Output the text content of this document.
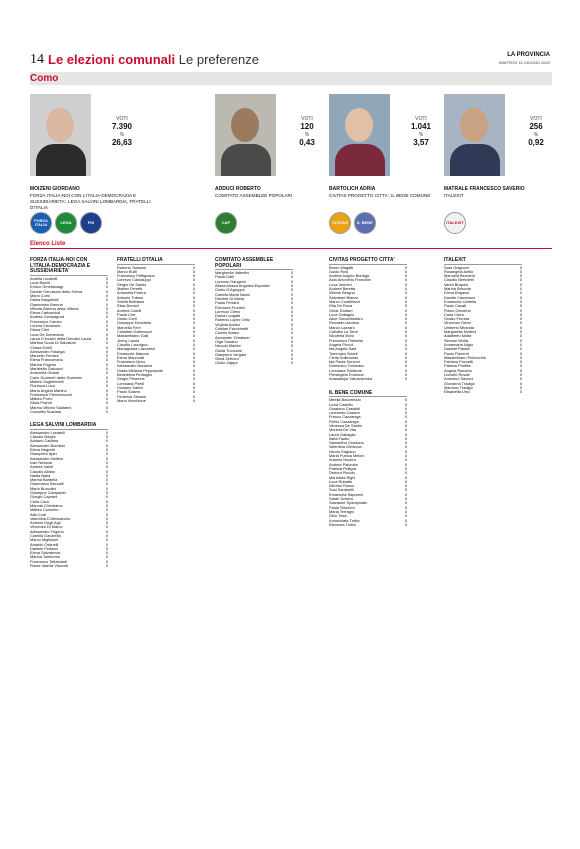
14 Le elezioni comunali Le preferenze	LA PROVINCIA
MARTEDÌ 14 GIUGNO 2022
Como
VOTI
7.390
%
26,63
MOIZENI GIORDANO
FORZA ITALIA-NOI CON L'ITALIA-DEMOCRAZIA E SUSSIDIARIETA', LEGA SALVINI LOMBARDIA, FRATELLI D'ITALIA
FORZA ITALIA	LEGA	FDI
VOTI
120
%
0,43
ADDUCI ROBERTO
COMITATO ASSEMBLEE POPOLARI
CAP
VOTI
1.041
%
3,57
BARTOLICH ADRIA
CIVITAS PROGETTO CITTA', IL BENE COMUNE
CIVITAS IL BENE
VOTI
256
%
0,92
MATRALE FRANCESCO SAVERIO
ITALEXIT
ITALEXIT
Elenco Liste
FORZA ITALIA-NOI CON L'ITALIA-DEMOCRAZIA E SUSSIDIARIETA'
Amelia Locatelli	0
Luca Biondi	0
Enrico Ornellamagr	0
Davide Gervasoni detto Gerva	0
Mario Corio	0
Diana Bargellotti	0
Giammario Brenna	0
Vittoria Brenna detta Vittoria	0
Elena Carbaccioli	0
Andrea Campagnoli	0
Francesco Caruso	0
Lorena Ceramore	0
Diana Cieri	0
Luca De Domenicis	0
Laura D'Incalci detta Dincalci Laura	0
Martina Scola Di Salvatore	0
Chiara Echili	0
Alessandro Falanga	0
Marcello Ferrara	0
Elena Francomano	0
Marina Frigerio	0
Maristella Galcozzi	0
Antonella Girardi	0
Carlo Guarneri detto Guarnieri	0
Matteo Guglielmetti	0
Fiorenza Luca	0
Maria Angela Martino	0
Francesco Piermarocchi	0
Matteo Porro	0
Silvia Prandi	0
Marino Vittorio Saldarini	0
Concetta Scarlata	0
LEGA SALVINI LOMBARDIA
Alessandro Locatelli	0
Claudio Borghi	0
Adriano Caldara	0
Alessandro Bondani	0
Elena Negretti	0
Giampiero Ajani	0
Alessandro Molteni	0
Ivan Neveda	0
Andrea Valeri	0
Claudio Alfano	0
Nadia Baba	0
Marina Bardella	0
Gianmarco Beccalli	0
Mario Buccolini	0
Giuseppe Campanini	0
Giorgio Caprani	0
Carla Cara	0
Manola Chimbamo	0
Matteo Colombo	0
Alfa Corti	0
Valentina D'Alessandro	0
Antonio Degli Agli	0
Vincenzo Di Marco	0
Alessandro Frigerio	0
Camilla Gavarella	0
Marco Miglionini	0
Arnaldo Ostinelli	0
Daniele Pedacci	0
Elena Salvatezza	0
Marina Tamborini	0
Francesco Tettamanti	0
Flavia Valeria Visconti	0
FRATELLI D'ITALIA
Roberto Tossone	0
Marco Butti	0
Francesco Pettignano	0
Lorenzo Cantaluppi	0
Sergio De Santis	0
Matteo Ferretti	0
Antonella Putera	0
Antonio Tufano	0
Sheila Beltrame	0
Elias Bordoli	0
Andrea Caielli	0
Paola Cerri	0
Guido Corti	0
Giuseppe Desotella	0
Marcella Ferri	0
Christian Galamucci	0
Massimiliano Galli	0
Jenny Lauria	0
Claudio Lavorgna	0
Mariagrazia Lazzaresi	0
Emanuele Marone	0
Elena Marzorati	0
Francesco Moro	0
Alessandro Nardone	0
Giada Melania Peppolante	0
Benedetta Pedraglio	0
Sergio Pesenne	0
Loredana Pirelli	0
Giuliano Salich	0
Paolo Sciarra	0
Federica Simone	0
Mario Vecchione	0
COMITATO ASSEMBLEE POPOLARI
Margherita Valentini	0
Paola Galli	0
Lorenzo Gangemi	0
Alissa Alessa Angelica Esposito	0
Guido D'Agruppa	0
Camilla Maria Nanni	0
Désirée Di Maria	0
Paola Ferrara	0
Eleonora Frontini	0
Lorenzo Cierci	0
Diana Longatti	0
Roberto Lopez Ortiz	0
Virginia Addeo	0
Cristian Facchinetti	0
Cicerio Addeo	0
Alexander Greatson	0
Olga Sudano	0
Niccolò Martini	0
Giulia Troncone	0
Gianpiero Vergata	0
Silvia Zerboni	0
Guido Zappa	0
CIVITAS PROGETTO CITTA'
Bruno Magatti	0
Guido Rovi	0
Andrea Angelo Bordiga	0
Aldo Antonello Franchini	0
Luca Venneri	0
Andrea Beretta	0
Vittorio Bergna	0
Salvatore Bianca	0
Marco Contellezzi	0
Rita De Rosa	0
Omar Dodaro	0
Luca Gabaglio	0
Alice Giancristofaro	0
Riccardo Iacolina	0
Marco Lazzaro	0
Carlotta La Torre	0
Nicoletta Moro	0
Francesco Palmese	0
Angela Piccoli	0
Ida Angela Sala	0
Tommaso Sciarli	0
Clelia Solimando	0
Ida Paola Sorzoni	0
Domenico Tommaso	0
Loredana Tolaflone	0
Pierangela Tomeson	0
Anastasiya Yakushevska	0
IL BENE COMUNE
Mirella Boccelezzo	0
Lucia Castello	0
Graziano Castaldi	0
Leonardo Caslore	0
Franco Cazzaniga	0
Pietro Cazzaniga	0
Vanessa De Santis	0
Morena De Vita	0
Laura Gabaglio	0
Ilaria Fiadlo	0
Samantha Giordano	0
Valentina Grinkova	0
Nicola Gagiano	0
Maria Franca Meloni	0
Antonio Nocera	0
Andrea Palumbo	0
Patrizia Pelligra	0
Debora Piccolo	0
Mariolivia Righi	0
Luca Rubatto	0
Alfonso Russo	0
Susi Santarelli	0
Emanuela Saporeni	0
Sarah Schera	0
Salvatore Spampinato	0
Paola Strombo	0
Maria Terragni	0
Dino Trisa	0
Annunziata Trotta	0
Eleonora Trotta	0
ITALEXIT
Sara Giagnoni	0
Rosangela Antilo	0
Manuela Bernardi	0
Claudio Bertoletti	0
Vanni Brapolo	0
Marina Briccola	0
Elena Brigandi	0
Davide Camarone	0
Emanuela Cartella	0
Paolo Casati	0
Flavio Chiolerio	0
Carla Cierci	0
Orazio Ferrara	0
Vincenzo Gerici	0
Umberto Miranda	0
Margherita Molteni	0
Adalberto Motta	0
Simone Motta	0
Annamaria Nigro	0
Daniele Pastori	0
Paolo Pizzenti	0
Massimiliano Policicchio	0
Fabiana Puccetti	0
Patrizia Profeta	0
Angela Romano	0
Lionello Rovati	0
Antonino Savoca	0
Giovanna Tradigo	0
Maurizio Tradigo	0
Elisabetta Urso	0
